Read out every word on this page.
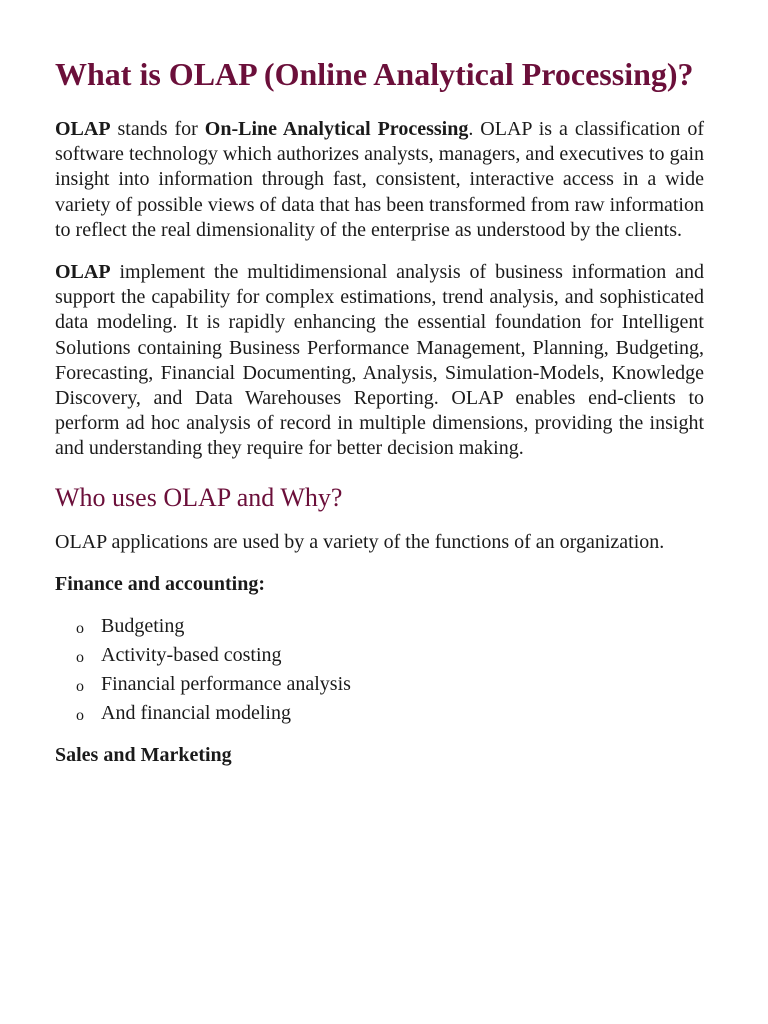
What is OLAP (Online Analytical Processing)?

OLAP stands for On-Line Analytical Processing. OLAP is a classification of software technology which authorizes analysts, managers, and executives to gain insight into information through fast, consistent, interactive access in a wide variety of possible views of data that has been transformed from raw information to reflect the real dimensionality of the enterprise as understood by the clients.

OLAP implement the multidimensional analysis of business information and support the capability for complex estimations, trend analysis, and sophisticated data modeling. It is rapidly enhancing the essential foundation for Intelligent Solutions containing Business Performance Management, Planning, Budgeting, Forecasting, Financial Documenting, Analysis, Simulation-Models, Knowledge Discovery, and Data Warehouses Reporting. OLAP enables end-clients to perform ad hoc analysis of record in multiple dimensions, providing the insight and understanding they require for better decision making.

Who uses OLAP and Why?

OLAP applications are used by a variety of the functions of an organization.

Finance and accounting:
o Budgeting
o Activity-based costing
o Financial performance analysis
o And financial modeling
Sales and Marketing
